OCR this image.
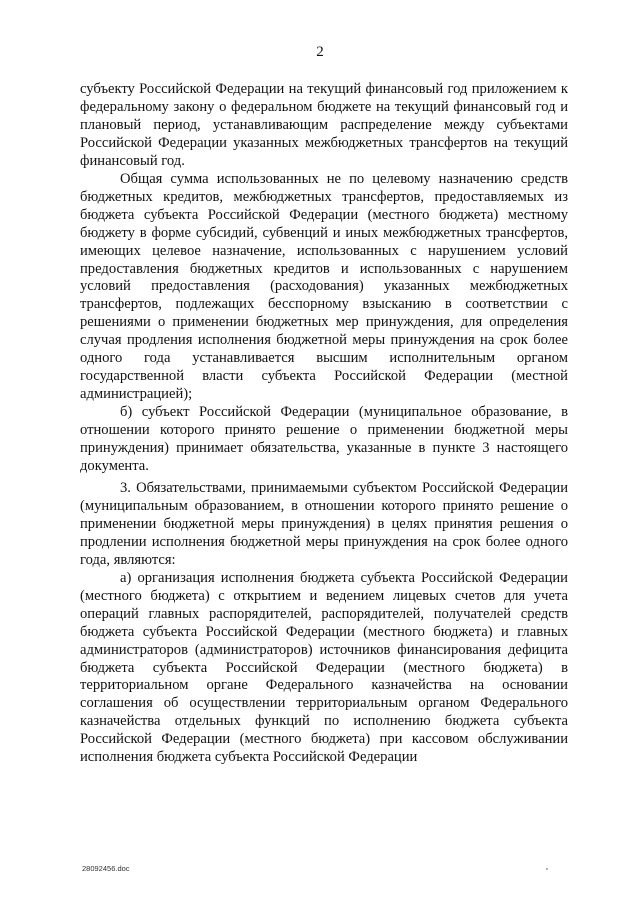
2

субъекту Российской Федерации на текущий финансовый год приложением к федеральному закону о федеральном бюджете на текущий финансовый год и плановый период, устанавливающим распределение между субъектами Российской Федерации указанных межбюджетных трансфертов на текущий финансовый год.

Общая сумма использованных не по целевому назначению средств бюджетных кредитов, межбюджетных трансфертов, предоставляемых из бюджета субъекта Российской Федерации (местного бюджета) местному бюджету в форме субсидий, субвенций и иных межбюджетных трансфертов, имеющих целевое назначение, использованных с нарушением условий предоставления бюджетных кредитов и использованных с нарушением условий предоставления (расходования) указанных межбюджетных трансфертов, подлежащих бесспорному взысканию в соответствии с решениями о применении бюджетных мер принуждения, для определения случая продления исполнения бюджетной меры принуждения на срок более одного года устанавливается высшим исполнительным органом государственной власти субъекта Российской Федерации (местной администрацией);

б) субъект Российской Федерации (муниципальное образование, в отношении которого принято решение о применении бюджетной меры принуждения) принимает обязательства, указанные в пункте 3 настоящего документа.

3. Обязательствами, принимаемыми субъектом Российской Федерации (муниципальным образованием, в отношении которого принято решение о применении бюджетной меры принуждения) в целях принятия решения о продлении исполнения бюджетной меры принуждения на срок более одного года, являются:

а) организация исполнения бюджета субъекта Российской Федерации (местного бюджета) с открытием и ведением лицевых счетов для учета операций главных распорядителей, распорядителей, получателей средств бюджета субъекта Российской Федерации (местного бюджета) и главных администраторов (администраторов) источников финансирования дефицита бюджета субъекта Российской Федерации (местного бюджета) в территориальном органе Федерального казначейства на основании соглашения об осуществлении территориальным органом Федерального казначейства отдельных функций по исполнению бюджета субъекта Российской Федерации (местного бюджета) при кассовом обслуживании исполнения бюджета субъекта Российской Федерации

28092456.doc
